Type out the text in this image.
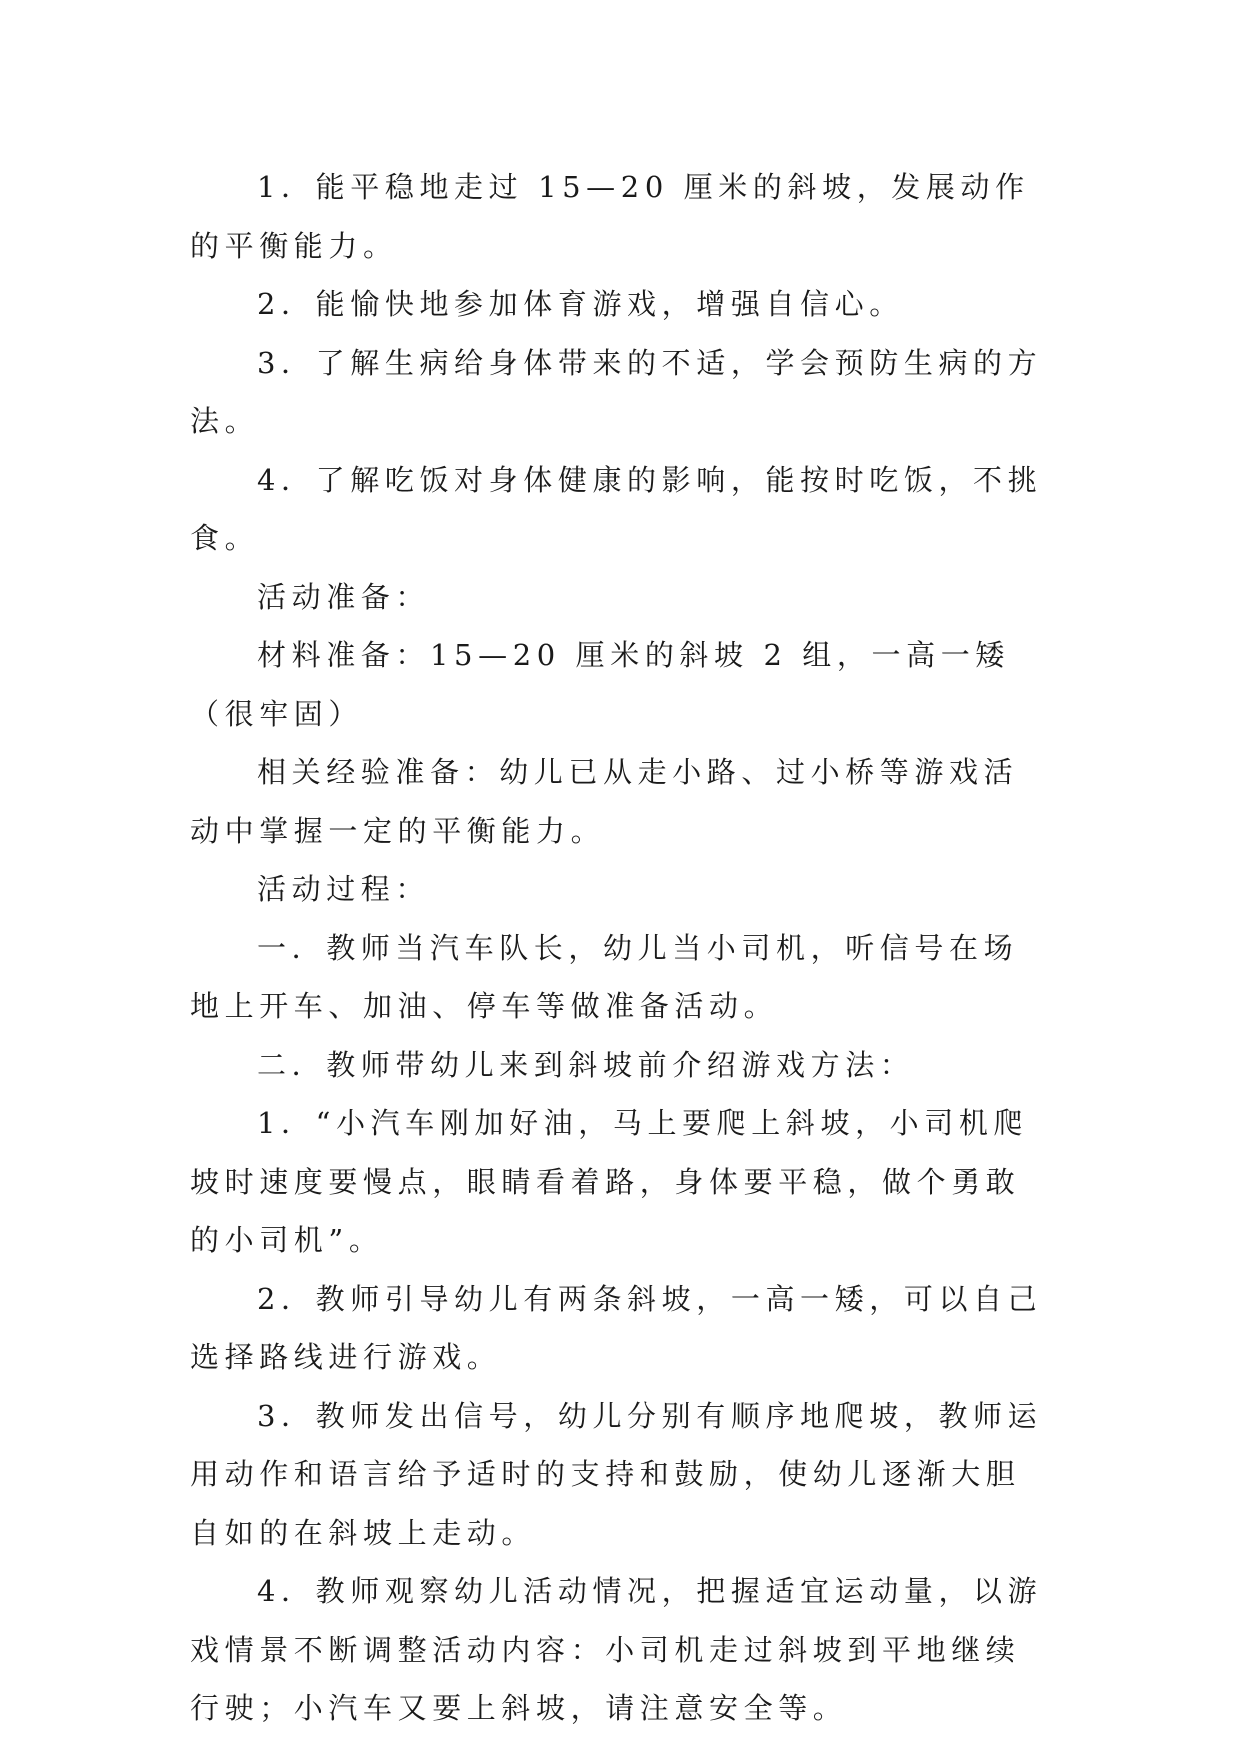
1．能平稳地走过 15—20 厘米的斜坡，发展动作的平衡能力。

2．能愉快地参加体育游戏，增强自信心。

3．了解生病给身体带来的不适，学会预防生病的方法。

4．了解吃饭对身体健康的影响，能按时吃饭，不挑食。

活动准备：

材料准备：15—20 厘米的斜坡 2 组，一高一矮（很牢固）

相关经验准备：幼儿已从走小路、过小桥等游戏活动中掌握一定的平衡能力。

活动过程：

一．教师当汽车队长，幼儿当小司机，听信号在场地上开车、加油、停车等做准备活动。

二．教师带幼儿来到斜坡前介绍游戏方法：

1．“小汽车刚加好油，马上要爬上斜坡，小司机爬坡时速度要慢点，眼睛看着路，身体要平稳，做个勇敢的小司机”。

2．教师引导幼儿有两条斜坡，一高一矮，可以自己选择路线进行游戏。

3．教师发出信号，幼儿分别有顺序地爬坡，教师运用动作和语言给予适时的支持和鼓励，使幼儿逐渐大胆自如的在斜坡上走动。

4．教师观察幼儿活动情况，把握适宜运动量，以游戏情景不断调整活动内容：小司机走过斜坡到平地继续行驶；小汽车又要上斜坡，请注意安全等。
